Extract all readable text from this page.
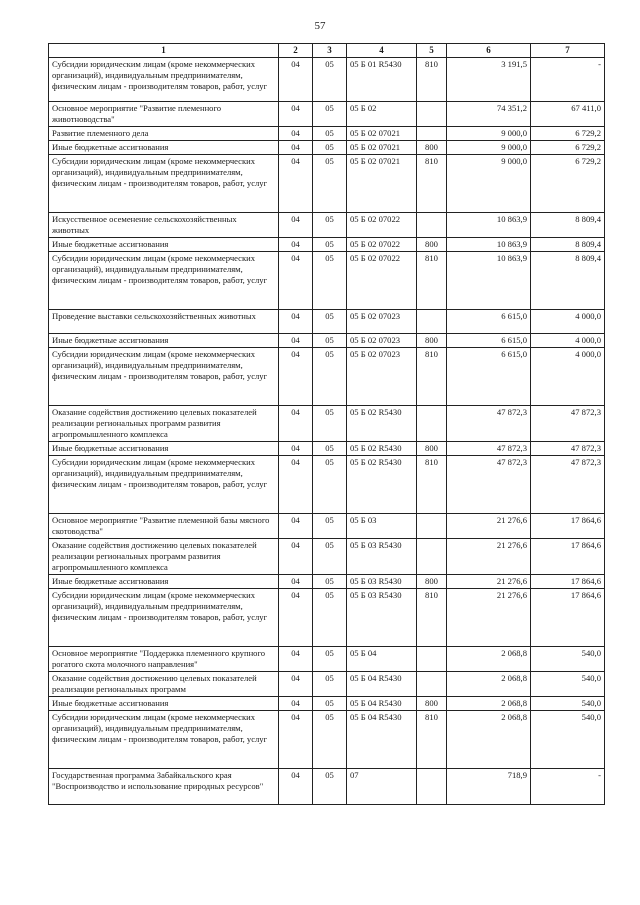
57
1	2	3	4	5	6	7
Субсидии юридическим лицам (кроме некоммерческих организаций), индивидуальным предпринимателям, физическим лицам - производителям товаров, работ, услуг	04	05	05 Б 01 R5430	810	3 191,5	-
Основное мероприятие "Развитие племенного животноводства"	04	05	05 Б 02		74 351,2	67 411,0
Развитие племенного дела	04	05	05 Б 02 07021		9 000,0	6 729,2
Иные бюджетные ассигнования	04	05	05 Б 02 07021	800	9 000,0	6 729,2
Субсидии юридическим лицам (кроме некоммерческих организаций), индивидуальным предпринимателям, физическим лицам - производителям товаров, работ, услуг	04	05	05 Б 02 07021	810	9 000,0	6 729,2
Искусственное осеменение сельскохозяйственных животных	04	05	05 Б 02 07022		10 863,9	8 809,4
Иные бюджетные ассигнования	04	05	05 Б 02 07022	800	10 863,9	8 809,4
Субсидии юридическим лицам (кроме некоммерческих организаций), индивидуальным предпринимателям, физическим лицам - производителям товаров, работ, услуг	04	05	05 Б 02 07022	810	10 863,9	8 809,4
Проведение выставки сельскохозяйственных животных	04	05	05 Б 02 07023		6 615,0	4 000,0
Иные бюджетные ассигнования	04	05	05 Б 02 07023	800	6 615,0	4 000,0
Субсидии юридическим лицам (кроме некоммерческих организаций), индивидуальным предпринимателям, физическим лицам - производителям товаров, работ, услуг	04	05	05 Б 02 07023	810	6 615,0	4 000,0
Оказание содействия достижению целевых показателей реализации региональных программ развития агропромышленного комплекса	04	05	05 Б 02 R5430		47 872,3	47 872,3
Иные бюджетные ассигнования	04	05	05 Б 02 R5430	800	47 872,3	47 872,3
Субсидии юридическим лицам (кроме некоммерческих организаций), индивидуальным предпринимателям, физическим лицам - производителям товаров, работ, услуг	04	05	05 Б 02 R5430	810	47 872,3	47 872,3
Основное мероприятие "Развитие племенной базы мясного скотоводства"	04	05	05 Б 03		21 276,6	17 864,6
Оказание содействия достижению целевых показателей реализации региональных программ развития агропромышленного комплекса	04	05	05 Б 03 R5430		21 276,6	17 864,6
Иные бюджетные ассигнования	04	05	05 Б 03 R5430	800	21 276,6	17 864,6
Субсидии юридическим лицам (кроме некоммерческих организаций), индивидуальным предпринимателям, физическим лицам - производителям товаров, работ, услуг	04	05	05 Б 03 R5430	810	21 276,6	17 864,6
Основное мероприятие "Поддержка племенного крупного рогатого скота молочного направления"	04	05	05 Б 04		2 068,8	540,0
Оказание содействия достижению целевых показателей реализации региональных программ	04	05	05 Б 04 R5430		2 068,8	540,0
Иные бюджетные ассигнования	04	05	05 Б 04 R5430	800	2 068,8	540,0
Субсидии юридическим лицам (кроме некоммерческих организаций), индивидуальным предпринимателям, физическим лицам - производителям товаров, работ, услуг	04	05	05 Б 04 R5430	810	2 068,8	540,0
Государственная программа Забайкальского края "Воспроизводство и использование природных ресурсов"	04	05	07		718,9	-
